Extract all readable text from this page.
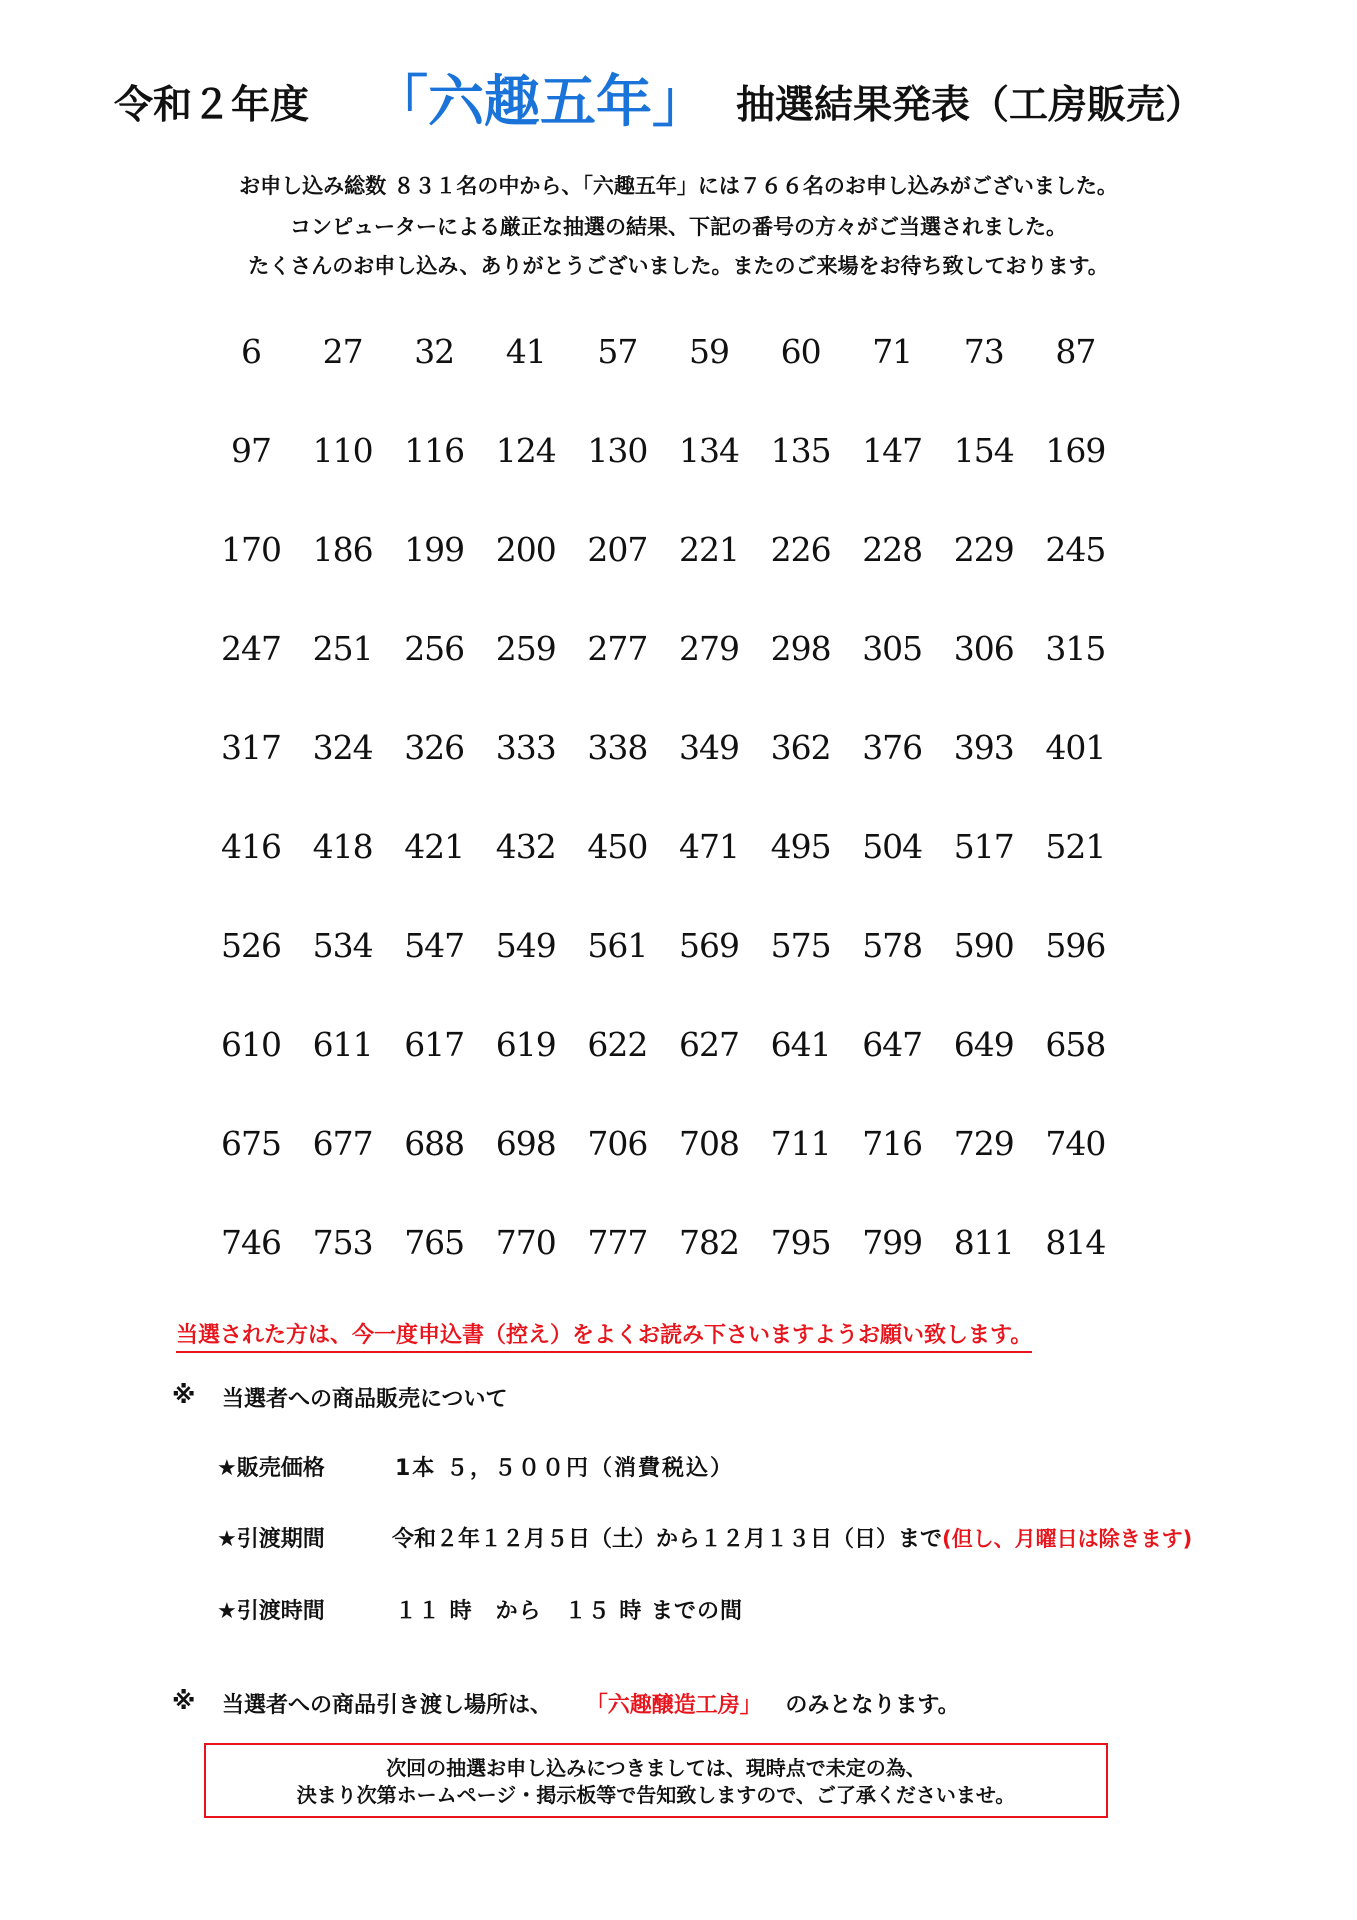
令和２年度 「六趣五年」 抽選結果発表（工房販売）
お申し込み総数 ８３１名の中から、「六趣五年」には７６６名のお申し込みがございました。
コンピューターによる厳正な抽選の結果、下記の番号の方々がご当選されました。
たくさんのお申し込み、ありがとうございました。またのご来場をお待ち致しております。
6	27	32	41	57	59	60	71	73	87
97	110 116 124 130 134 135 147 154 169
170 186 199 200 207 221 226 228 229 245
247 251 256 259 277 279 298 305 306 315
317 324 326 333 338 349 362 376 393 401
416 418 421 432 450 471 495 504 517 521
526 534 547 549 561 569 575 578 590 596
610 611 617 619 622 627 641 647 649 658
675 677 688 698 706 708 711 716 729 740
746 753 765 770 777 782 795 799 811 814
当選された方は、今一度申込書（控え）をよくお読み下さいますようお願い致します。
※ 当選者への商品販売について
★販売価格	1本 ５，５００円（消費税込）
★引渡期間	令和２年１２月５日（土）から１２月１３日（日）まで(但し、月曜日は除きます)
★引渡時間	１１ 時　から　１５ 時 までの間
※ 当選者への商品引き渡し場所は、 「六趣醸造工房」 のみとなります。
次回の抽選お申し込みにつきましては、現時点で未定の為、
決まり次第ホームページ・掲示板等で告知致しますので、ご了承くださいませ。
